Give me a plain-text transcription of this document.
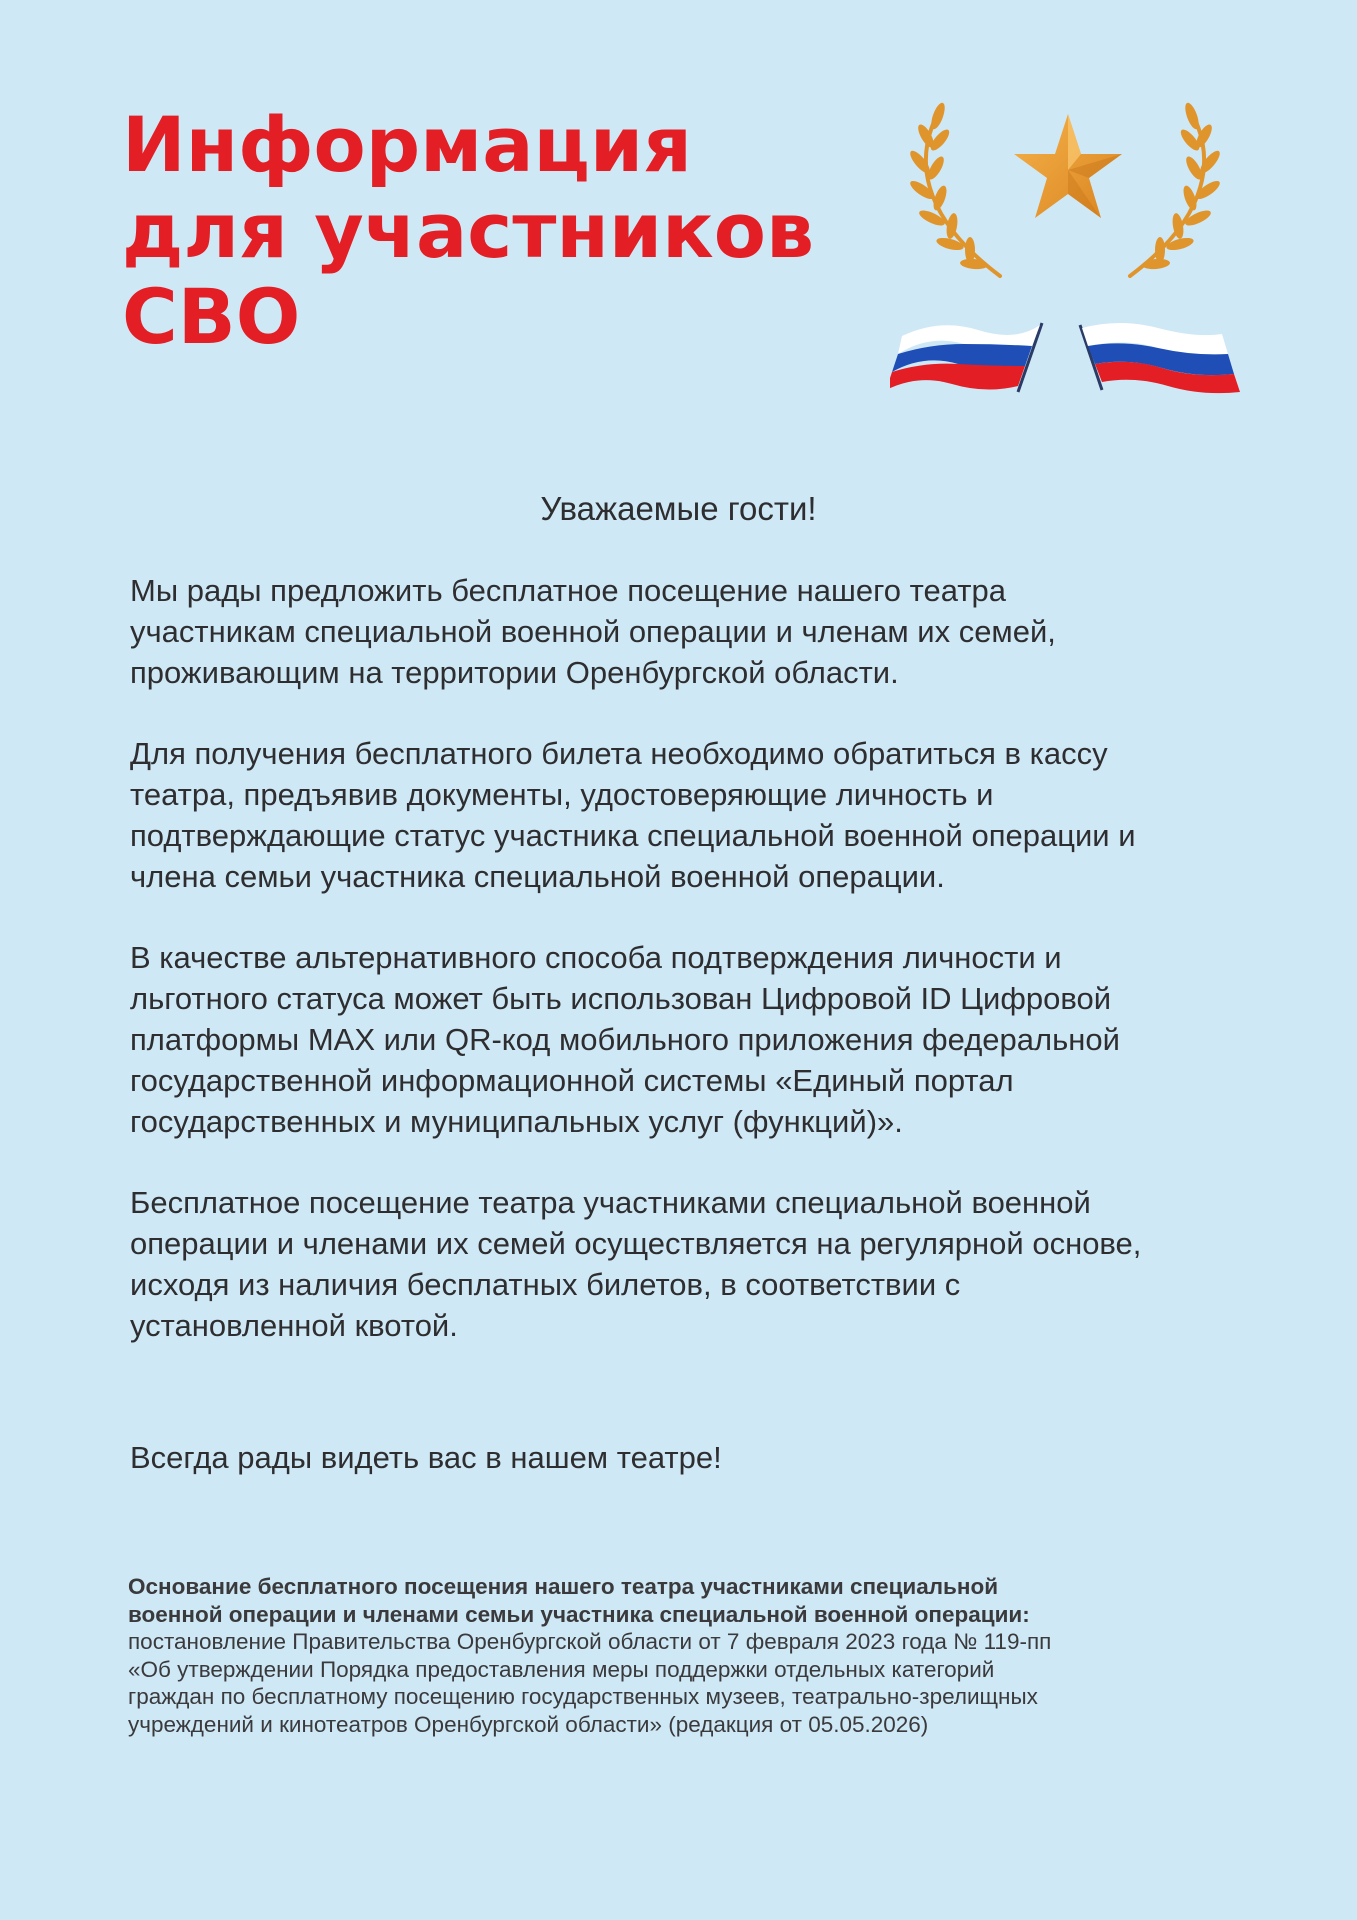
Информация
для участников
СВО

Уважаемые гости!

Мы рады предложить бесплатное посещение нашего театра
участникам специальной военной операции и членам их семей,
проживающим на территории Оренбургской области.

Для получения бесплатного билета необходимо обратиться в кассу
театра, предъявив документы, удостоверяющие личность и
подтверждающие статус участника специальной военной операции и
члена семьи участника специальной военной операции.

В качестве альтернативного способа подтверждения личности и
льготного статуса может быть использован Цифровой ID Цифровой
платформы MAX или QR-код мобильного приложения федеральной
государственной информационной системы «Единый портал
государственных и муниципальных услуг (функций)».

Бесплатное посещение театра участниками специальной военной
операции и членами их семей осуществляется на регулярной основе,
исходя из наличия бесплатных билетов, в соответствии с
установленной квотой.

Всегда рады видеть вас в нашем театре!

Основание бесплатного посещения нашего театра участниками специальной
военной операции и членами семьи участника специальной военной операции:
постановление Правительства Оренбургской области от 7 февраля 2023 года № 119-пп
«Об утверждении Порядка предоставления меры поддержки отдельных категорий
граждан по бесплатному посещению государственных музеев, театрально-зрелищных
учреждений и кинотеатров Оренбургской области» (редакция от 05.05.2026)
